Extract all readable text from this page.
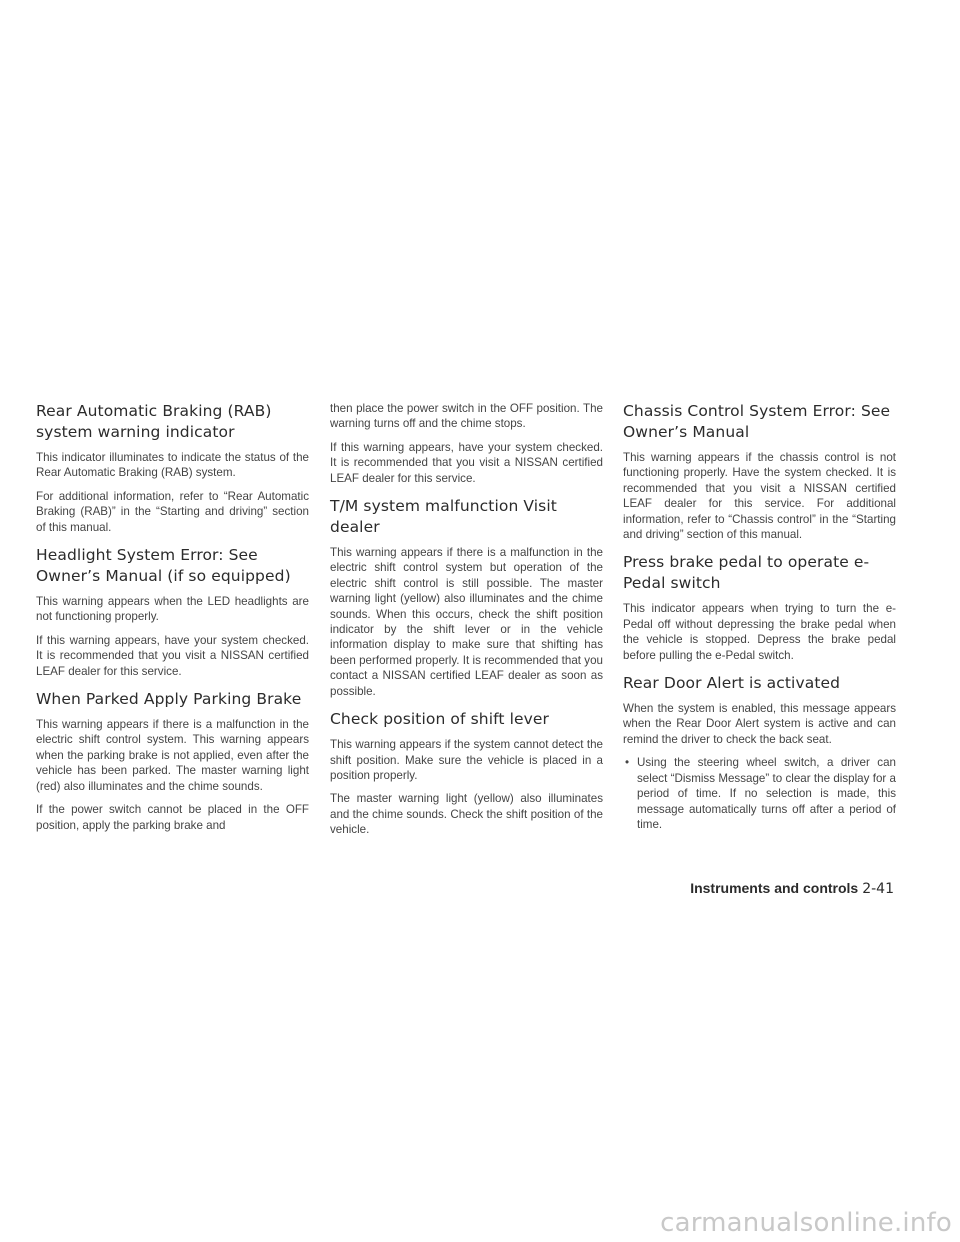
Rear Automatic Braking (RAB) system warning indicator

This indicator illuminates to indicate the status of the Rear Automatic Braking (RAB) system.

For additional information, refer to “Rear Automatic Braking (RAB)” in the “Starting and driving” section of this manual.

Headlight System Error: See Owner’s Manual (if so equipped)

This warning appears when the LED headlights are not functioning properly.

If this warning appears, have your system checked. It is recommended that you visit a NISSAN certified LEAF dealer for this service.

When Parked Apply Parking Brake

This warning appears if there is a malfunction in the electric shift control system. This warning appears when the parking brake is not applied, even after the vehicle has been parked. The master warning light (red) also illuminates and the chime sounds.

If the power switch cannot be placed in the OFF position, apply the parking brake and

then place the power switch in the OFF position. The warning turns off and the chime stops.

If this warning appears, have your system checked. It is recommended that you visit a NISSAN certified LEAF dealer for this service.

T/M system malfunction Visit dealer

This warning appears if there is a malfunction in the electric shift control system but operation of the electric shift control is still possible. The master warning light (yellow) also illuminates and the chime sounds. When this occurs, check the shift position indicator by the shift lever or in the vehicle information display to make sure that shifting has been performed properly. It is recommended that you contact a NISSAN certified LEAF dealer as soon as possible.

Check position of shift lever

This warning appears if the system cannot detect the shift position. Make sure the vehicle is placed in a position properly.

The master warning light (yellow) also illuminates and the chime sounds. Check the shift position of the vehicle.

Chassis Control System Error: See Owner’s Manual

This warning appears if the chassis control is not functioning properly. Have the system checked. It is recommended that you visit a NISSAN certified LEAF dealer for this service. For additional information, refer to “Chassis control” in the “Starting and driving” section of this manual.

Press brake pedal to operate e-Pedal switch

This indicator appears when trying to turn the e-Pedal off without depressing the brake pedal when the vehicle is stopped. Depress the brake pedal before pulling the e-Pedal switch.

Rear Door Alert is activated

When the system is enabled, this message appears when the Rear Door Alert system is active and can remind the driver to check the back seat.

• Using the steering wheel switch, a driver can select “Dismiss Message” to clear the display for a period of time. If no selection is made, this message automatically turns off after a period of time.
Instruments and controls 2-41
carmanualsonline.info
